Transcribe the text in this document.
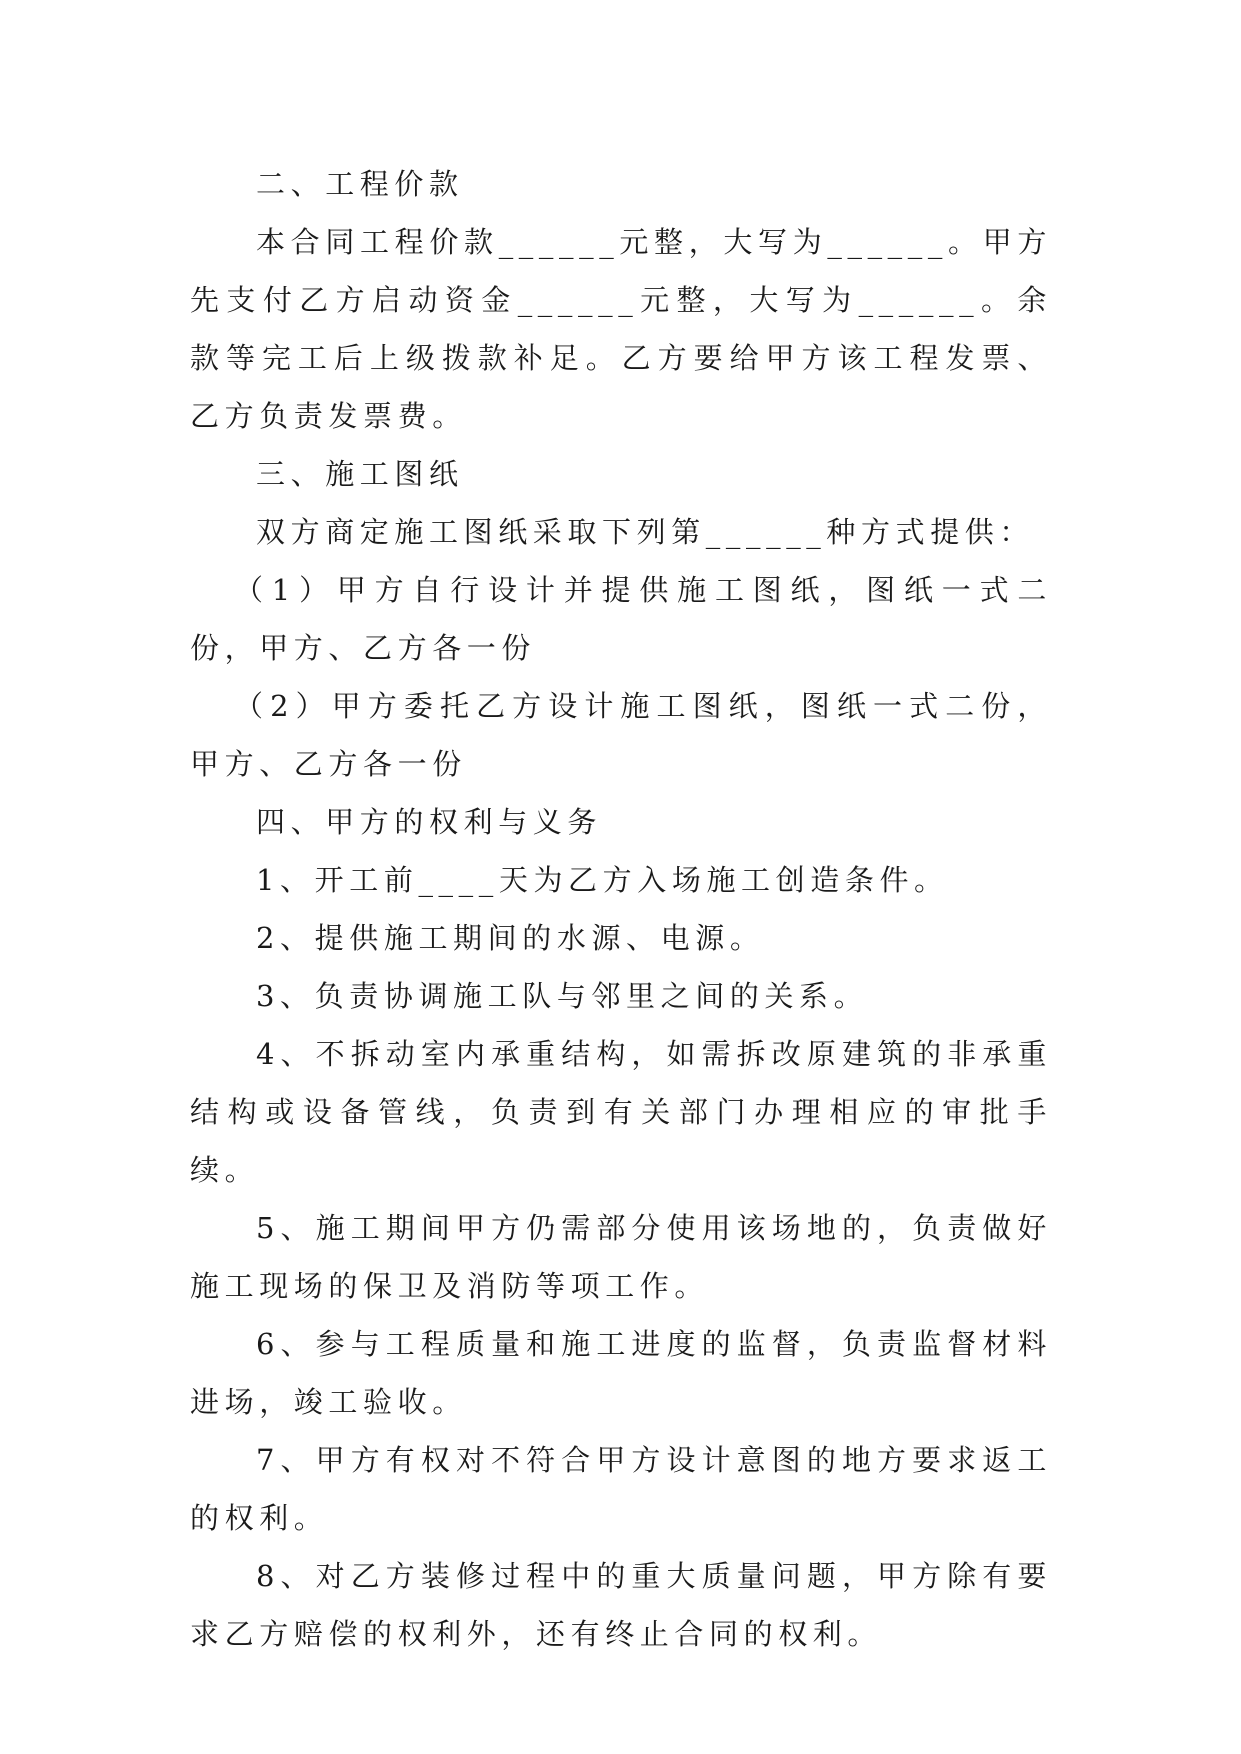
二、工程价款

本合同工程价款______元整，大写为______。甲方先支付乙方启动资金______元整，大写为______。余款等完工后上级拨款补足。乙方要给甲方该工程发票、乙方负责发票费。

三、施工图纸

双方商定施工图纸采取下列第______种方式提供：

（1）甲方自行设计并提供施工图纸，图纸一式二份，甲方、乙方各一份

（2）甲方委托乙方设计施工图纸，图纸一式二份，甲方、乙方各一份

四、甲方的权利与义务

1、开工前____天为乙方入场施工创造条件。

2、提供施工期间的水源、电源。

3、负责协调施工队与邻里之间的关系。

4、不拆动室内承重结构，如需拆改原建筑的非承重结构或设备管线，负责到有关部门办理相应的审批手续。

5、施工期间甲方仍需部分使用该场地的，负责做好施工现场的保卫及消防等项工作。

6、参与工程质量和施工进度的监督，负责监督材料进场，竣工验收。

7、甲方有权对不符合甲方设计意图的地方要求返工的权利。

8、对乙方装修过程中的重大质量问题，甲方除有要求乙方赔偿的权利外，还有终止合同的权利。
